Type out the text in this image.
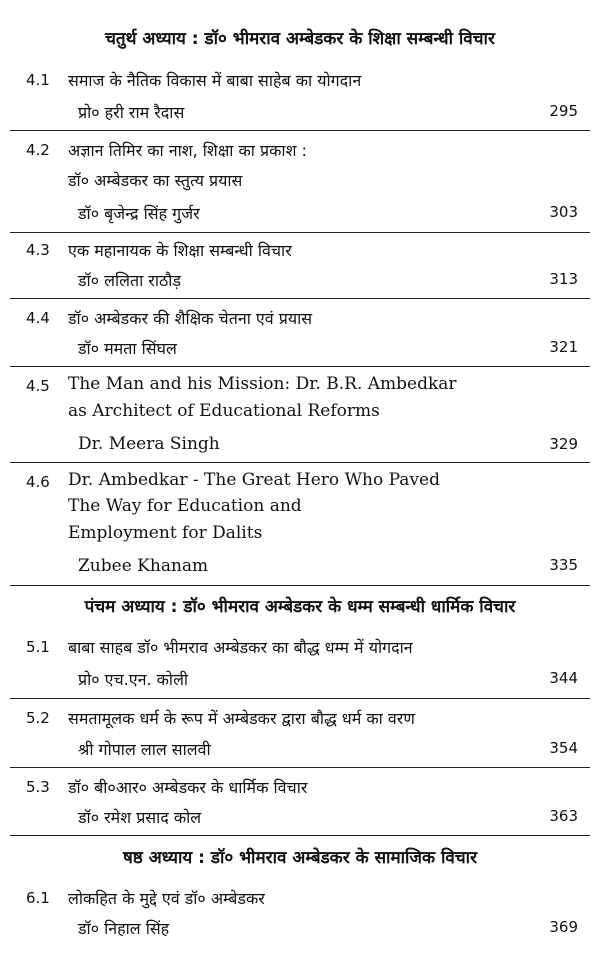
चतुर्थ अध्याय : डॉ० भीमराव अम्बेडकर के शिक्षा सम्बन्धी विचार
4.1 समाज के नैतिक विकास में बाबा साहेब का योगदान
प्रो० हरी राम रैदास	295
4.2 अज्ञान तिमिर का नाश, शिक्षा का प्रकाश :
डॉ० अम्बेडकर का स्तुत्य प्रयास
डॉ० बृजेन्द्र सिंह गुर्जर	303
4.3 एक महानायक के शिक्षा सम्बन्धी विचार
डॉ० ललिता राठौड़	313
4.4 डॉ० अम्बेडकर की शैक्षिक चेतना एवं प्रयास
डॉ० ममता सिंघल	321
4.5 The Man and his Mission: Dr. B.R. Ambedkar
as Architect of Educational Reforms
Dr. Meera Singh	329
4.6 Dr. Ambedkar - The Great Hero Who Paved
The Way for Education and
Employment for Dalits
Zubee Khanam	335
पंचम अध्याय : डॉ० भीमराव अम्बेडकर के धम्म सम्बन्धी धार्मिक विचार
5.1 बाबा साहब डॉ० भीमराव अम्बेडकर का बौद्ध धम्म में योगदान
प्रो० एच.एन. कोली	344
5.2 समतामूलक धर्म के रूप में अम्बेडकर द्वारा बौद्ध धर्म का वरण
श्री गोपाल लाल सालवी	354
5.3 डॉ० बी०आर० अम्बेडकर के धार्मिक विचार
डॉ० रमेश प्रसाद कोल	363
षष्ठ अध्याय : डॉ० भीमराव अम्बेडकर के सामाजिक विचार
6.1 लोकहित के मुद्दे एवं डॉ० अम्बेडकर
डॉ० निहाल सिंह	369
